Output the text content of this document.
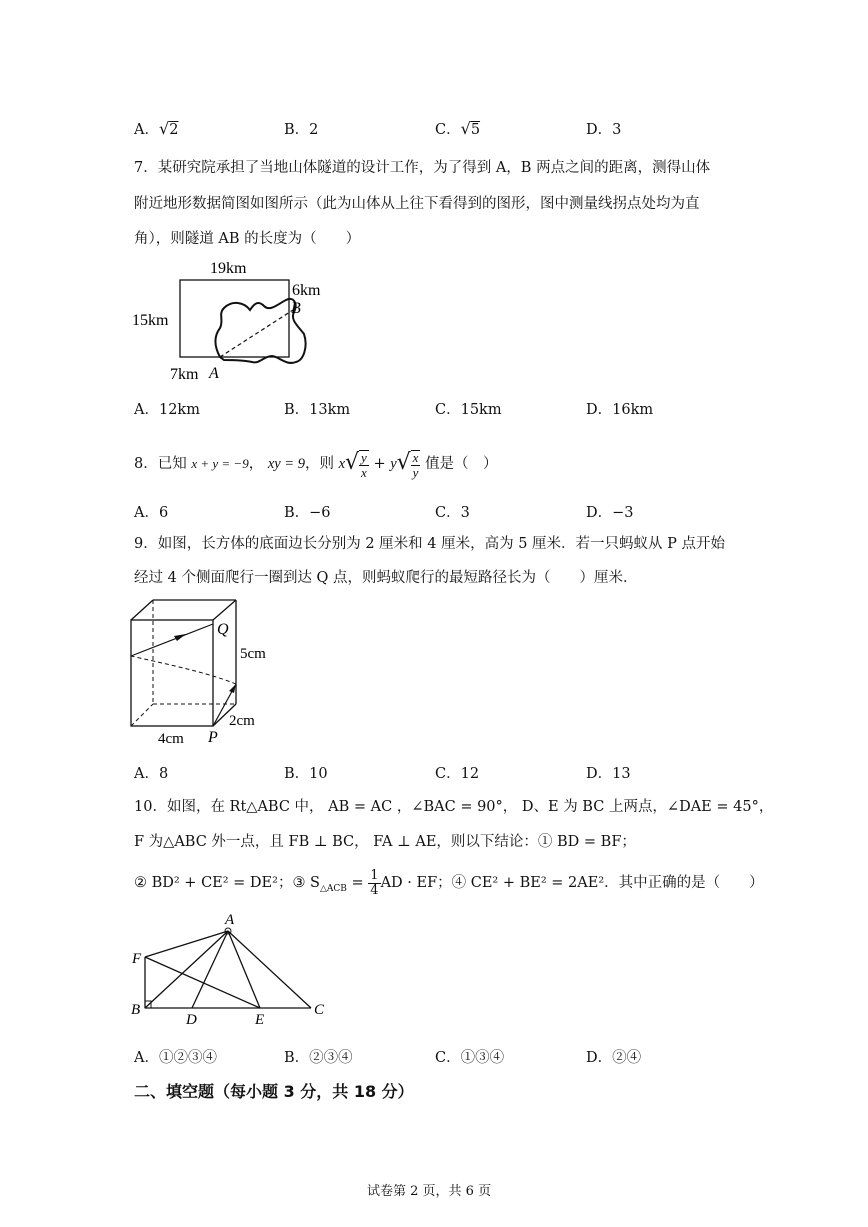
A．√2	B．2	C．√5	D．3
7．某研究院承担了当地山体隧道的设计工作，为了得到 A，B 两点之间的距离，测得山体
附近地形数据简图如图所示（此为山体从上往下看得到的图形，图中测量线拐点处均为直
角），则隧道 AB 的长度为（　　）
19km
6km
15km
7km A
B
A．12km	B．13km	C．15km	D．16km
8．已知 x + y = −9， xy = 9，则 $x√ \frac{y}{x} + y√ \frac{x}{y}$ 值是（　）
A．6	B．−6	C．3	D．−3
9．如图，长方体的底面边长分别为 2 厘米和 4 厘米，高为 5 厘米．若一只蚂蚁从 P 点开始
经过 4 个侧面爬行一圈到达 Q 点，则蚂蚁爬行的最短路径长为（　　）厘米．
Q
5cm
2cm
4cm P
A．8	B．10	C．12	D．13
10．如图，在 Rt△ABC 中， AB = AC ，∠BAC = 90°， D、E 为 BC 上两点，∠DAE = 45°，
F 为△ABC 外一点，且 FB ⊥ BC， FA ⊥ AE，则以下结论：① BD = BF；
② BD² + CE² = DE²；③ $S_{\triangle ACB} = \frac{1}{4}$ AD · EF；④ CE² + BE² = 2AE²．其中正确的是（　　）
A
F
B
D	E
C
A．①②③④	B．②③④	C．①③④	D．②④
二、填空题（每小题 3 分，共 18 分）
试卷第 2 页，共 6 页
